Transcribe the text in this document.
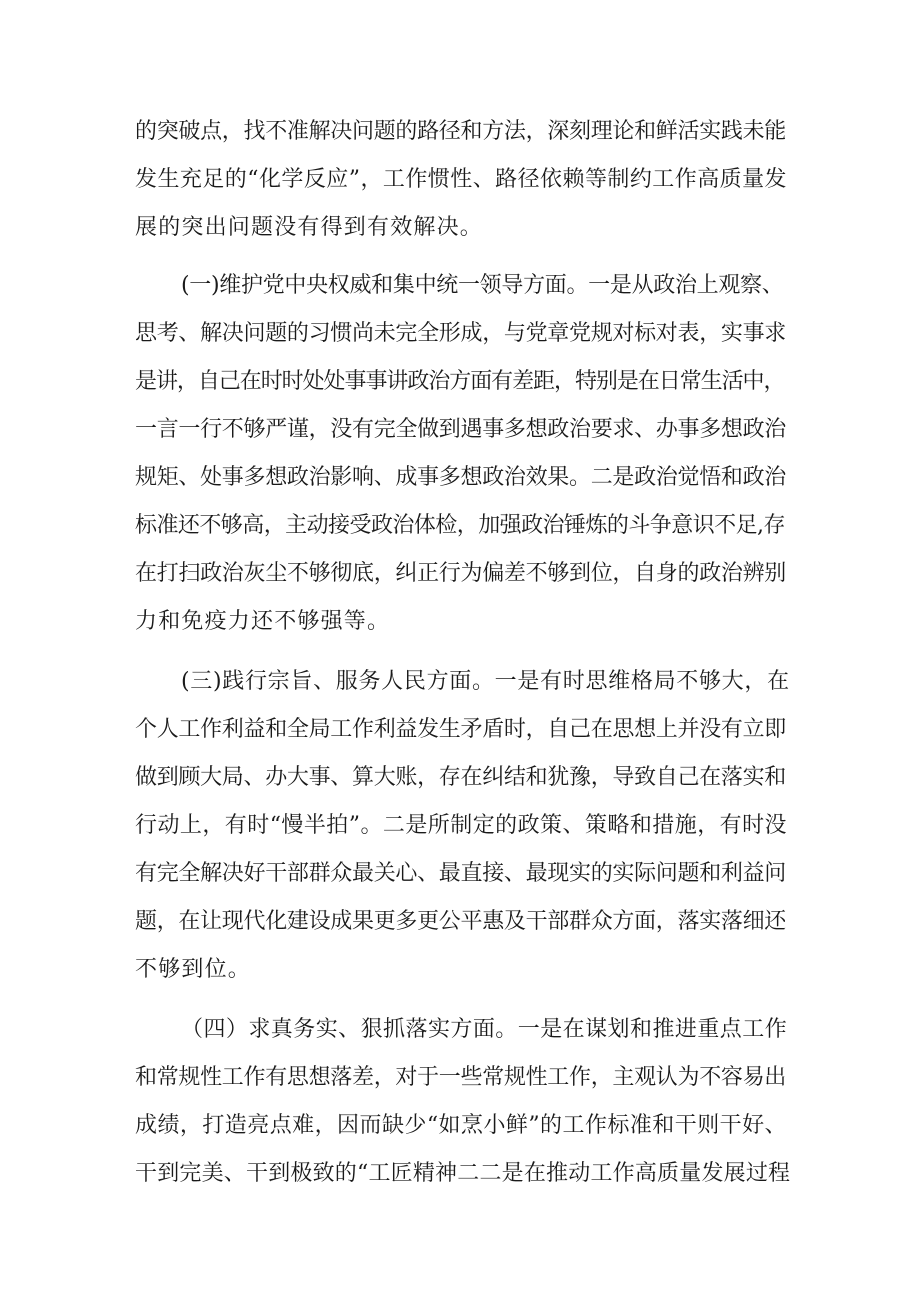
的突破点，找不准解决问题的路径和方法，深刻理论和鲜活实践未能
发生充足的“化学反应”，工作惯性、路径依赖等制约工作高质量发
展的突出问题没有得到有效解决。
(一)维护党中央权威和集中统一领导方面。一是从政治上观察、
思考、解决问题的习惯尚未完全形成，与党章党规对标对表，实事求
是讲，自己在时时处处事事讲政治方面有差距，特别是在日常生活中，
一言一行不够严谨，没有完全做到遇事多想政治要求、办事多想政治
规矩、处事多想政治影响、成事多想政治效果。二是政治觉悟和政治
标准还不够高，主动接受政治体检，加强政治锤炼的斗争意识不足,存
在打扫政治灰尘不够彻底，纠正行为偏差不够到位，自身的政治辨别
力和免疫力还不够强等。
(三)践行宗旨、服务人民方面。一是有时思维格局不够大，在
个人工作利益和全局工作利益发生矛盾时，自己在思想上并没有立即
做到顾大局、办大事、算大账，存在纠结和犹豫，导致自己在落实和
行动上，有时“慢半拍”。二是所制定的政策、策略和措施，有时没
有完全解决好干部群众最关心、最直接、最现实的实际问题和利益问
题，在让现代化建设成果更多更公平惠及干部群众方面，落实落细还
不够到位。
（四）求真务实、狠抓落实方面。一是在谋划和推进重点工作
和常规性工作有思想落差，对于一些常规性工作，主观认为不容易出
成绩，打造亮点难，因而缺少“如烹小鲜”的工作标准和干则干好、
干到完美、干到极致的“工匠精神二二是在推动工作高质量发展过程
